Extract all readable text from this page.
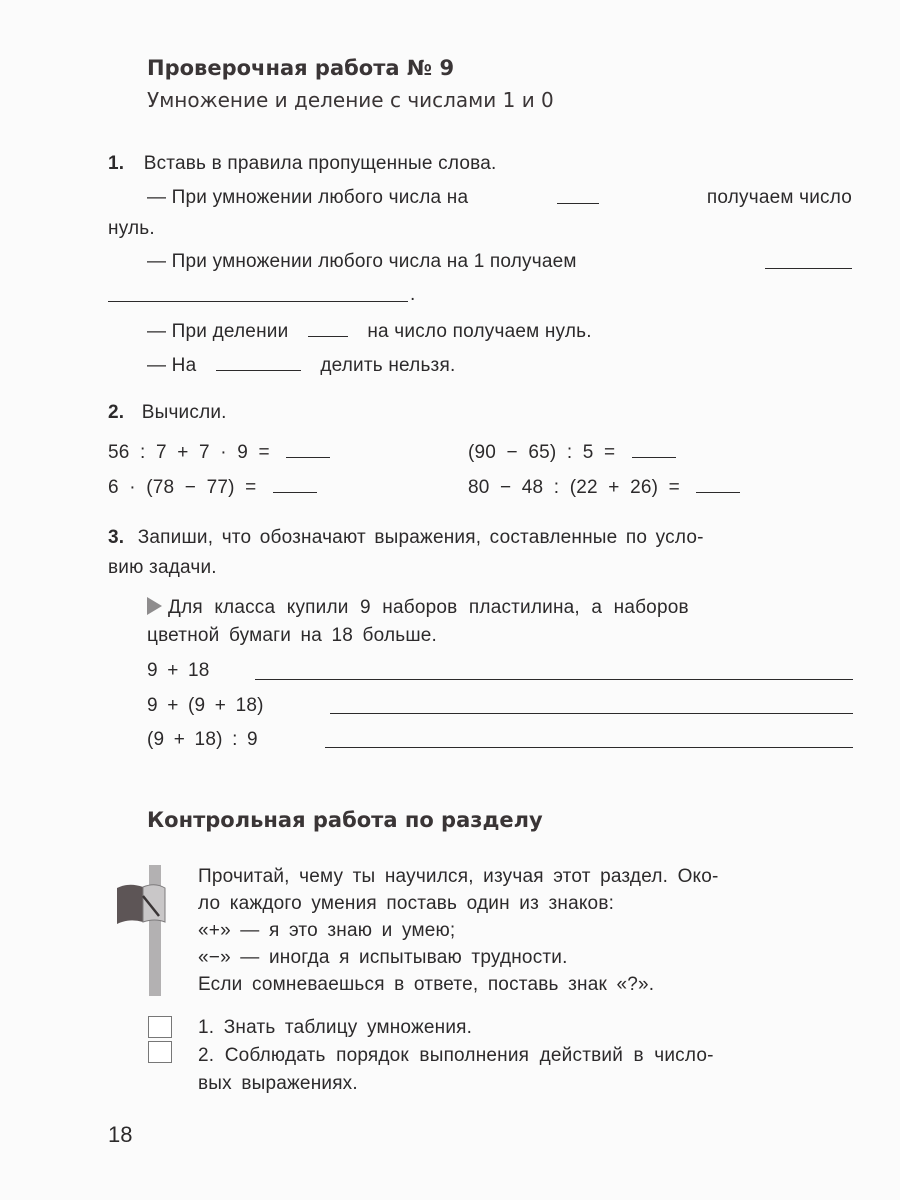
Проверочная работа № 9
Умножение и деление с числами 1 и 0
1. Вставь в правила пропущенные слова.
— При умножении любого числа на	получаем число
нуль.
— При умножении любого числа на 1 получаем
.
— При делении	на число получаем нуль.
— На	делить нельзя.
2. Вычисли.
56 : 7 + 7 · 9 =	(90 − 65) : 5 =
6 · (78 − 77) =	80 − 48 : (22 + 26) =
3. Запиши, что обозначают выражения, составленные по усло-
вию задачи.
Для класса купили 9 наборов пластилина, а наборов
цветной бумаги на 18 больше.
9 + 18
9 + (9 + 18)
(9 + 18) : 9
Контрольная работа по разделу
Прочитай, чему ты научился, изучая этот раздел. Око-
ло каждого умения поставь один из знаков:
«+» — я это знаю и умею;
«−» — иногда я испытываю трудности.
Если сомневаешься в ответе, поставь знак «?».
1. Знать таблицу умножения.
2. Соблюдать порядок выполнения действий в число-
вых выражениях.
18
